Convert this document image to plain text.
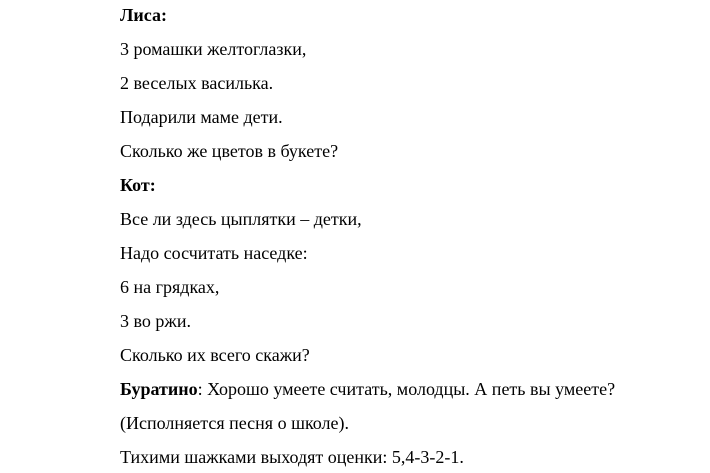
Лиса:
3 ромашки желтоглазки,
2 веселых василька.
Подарили маме дети.
Сколько же цветов в букете?
Кот:
Все ли здесь цыплятки – детки,
Надо сосчитать наседке:
6 на грядках,
3 во ржи.
Сколько их всего скажи?
Буратино: Хорошо умеете считать, молодцы. А петь вы умеете?
(Исполняется песня о школе).
Тихими шажками выходят оценки: 5,4-3-2-1.
